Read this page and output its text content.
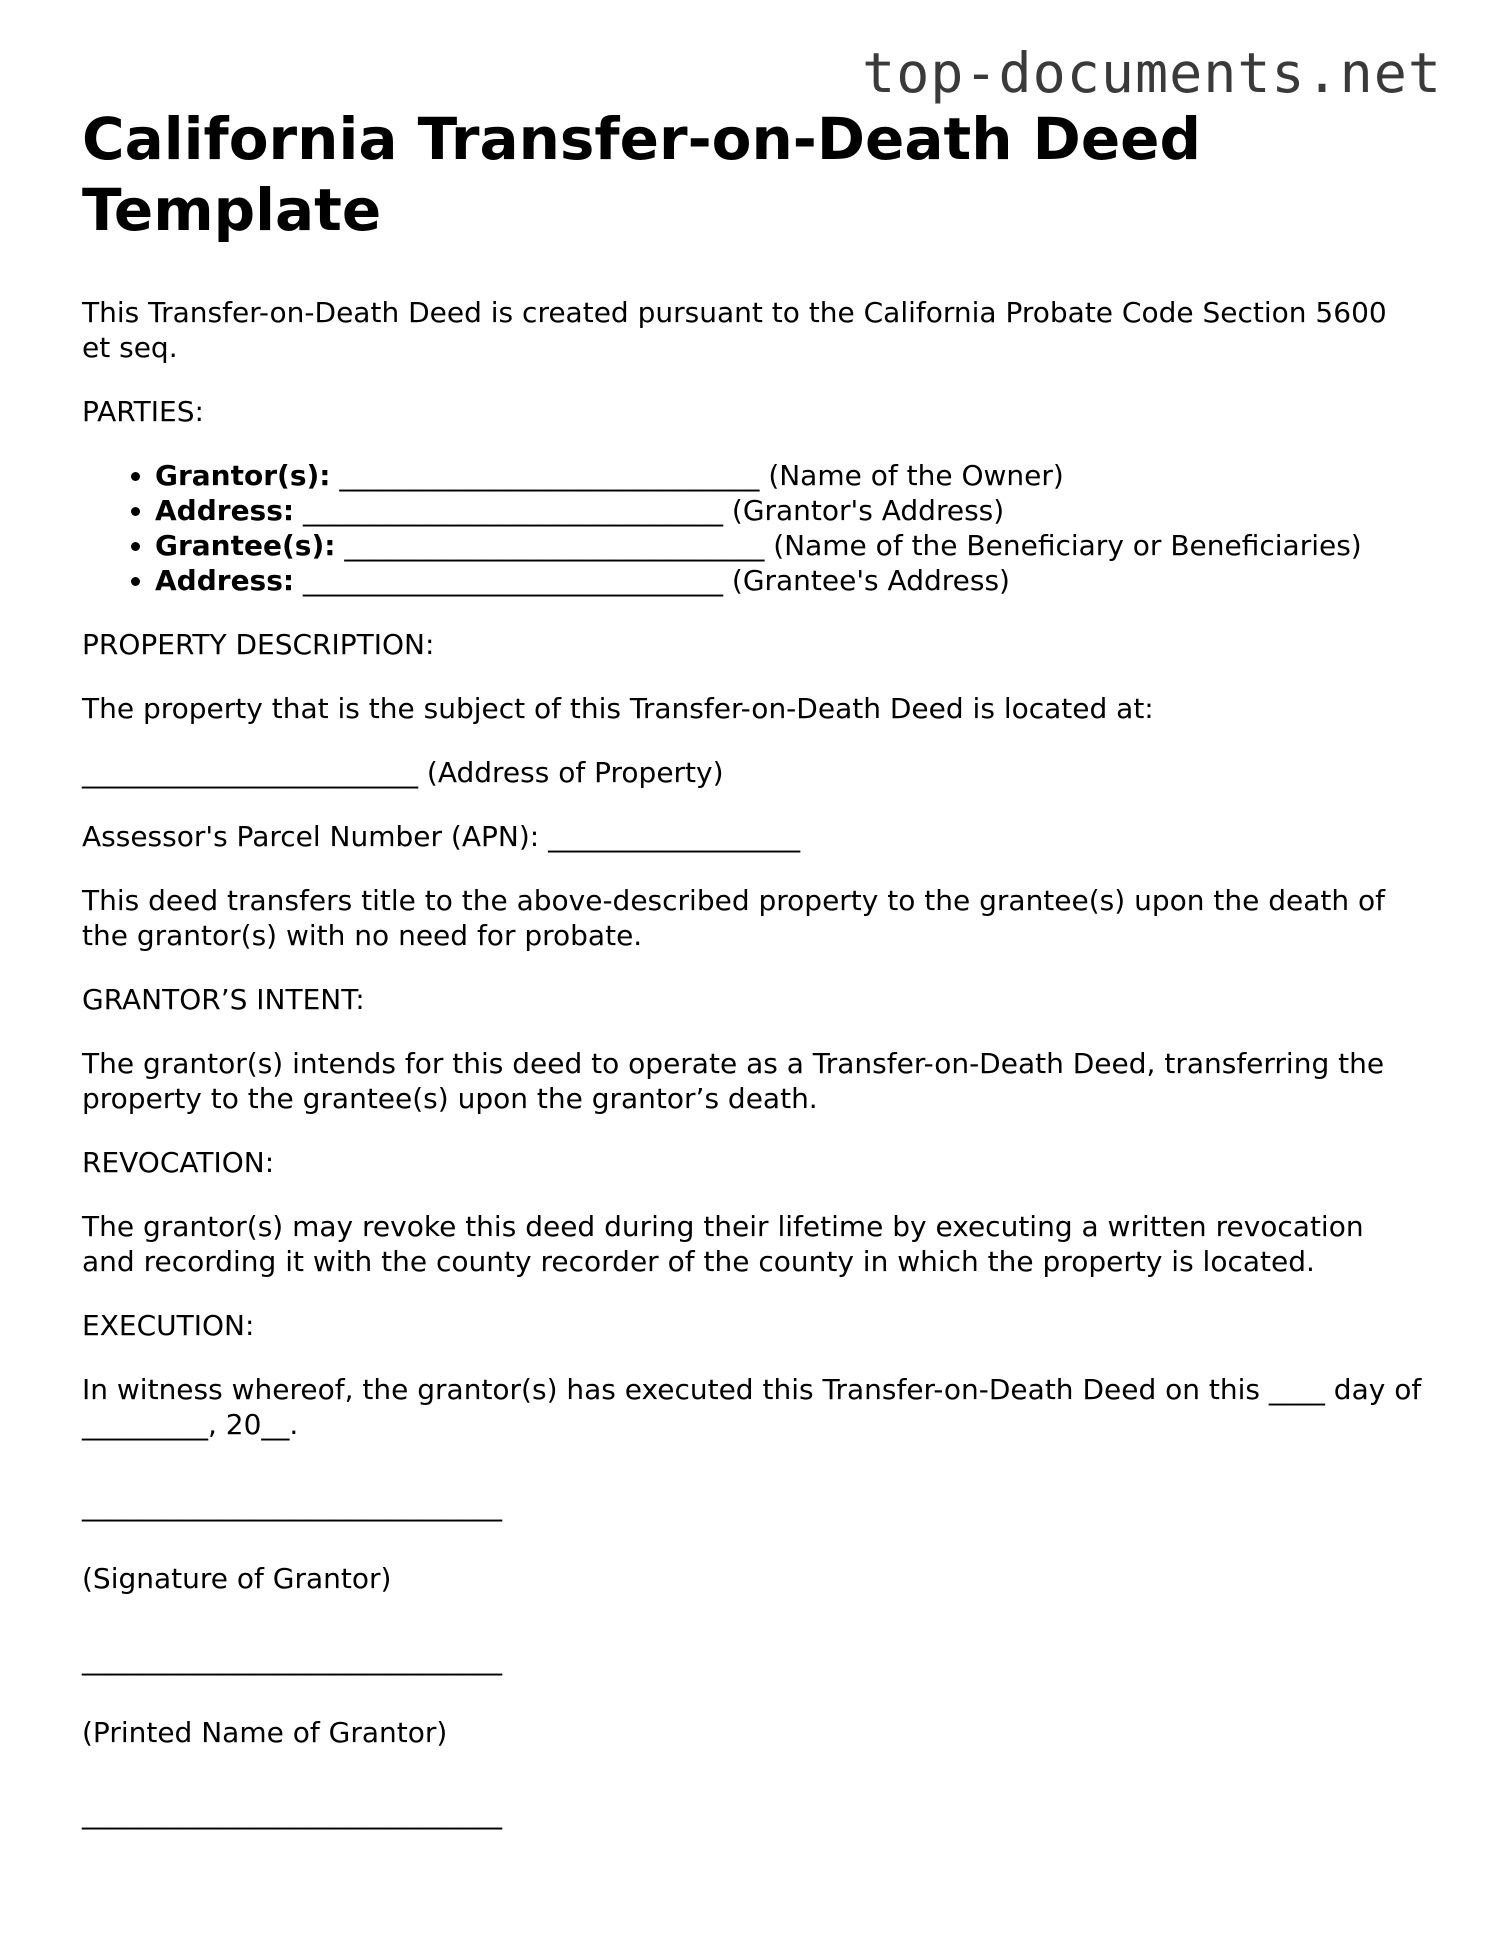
top-documents.net

California Transfer-on-Death Deed Template

This Transfer-on-Death Deed is created pursuant to the California Probate Code Section 5600 et seq.

PARTIES:

• Grantor(s): ______________________________ (Name of the Owner)
• Address: ______________________________ (Grantor's Address)
• Grantee(s): ______________________________ (Name of the Beneficiary or Beneficiaries)
• Address: ______________________________ (Grantee's Address)

PROPERTY DESCRIPTION:

The property that is the subject of this Transfer-on-Death Deed is located at:

________________________ (Address of Property)

Assessor's Parcel Number (APN): __________________

This deed transfers title to the above-described property to the grantee(s) upon the death of the grantor(s) with no need for probate.

GRANTOR’S INTENT:

The grantor(s) intends for this deed to operate as a Transfer-on-Death Deed, transferring the property to the grantee(s) upon the grantor’s death.

REVOCATION:

The grantor(s) may revoke this deed during their lifetime by executing a written revocation and recording it with the county recorder of the county in which the property is located.

EXECUTION:

In witness whereof, the grantor(s) has executed this Transfer-on-Death Deed on this ____ day of _________, 20__.

______________________________

(Signature of Grantor)

______________________________

(Printed Name of Grantor)

______________________________
